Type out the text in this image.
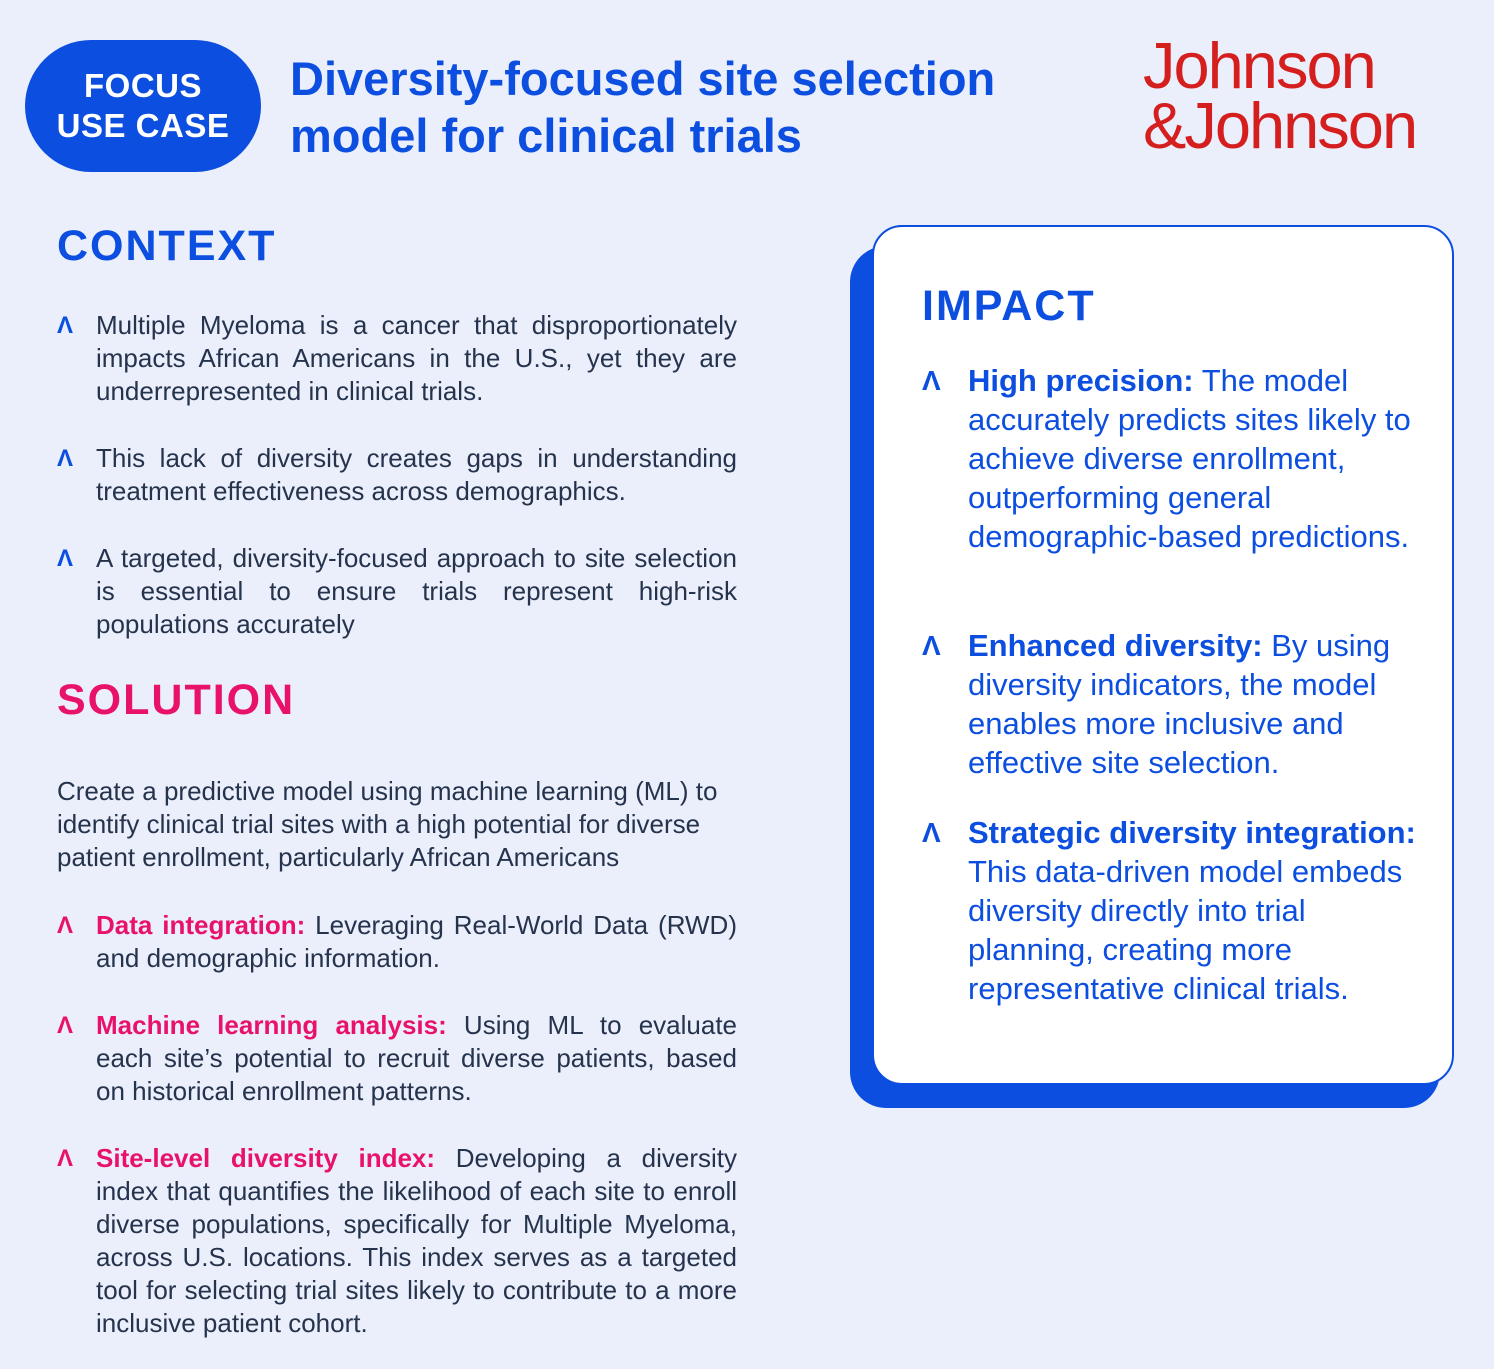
FOCUS
USE CASE
Diversity-focused site selection
model for clinical trials
Johnson
&Johnson
CONTEXT
Λ Multiple Myeloma is a cancer that disproportionately impacts African Americans in the U.S., yet they are underrepresented in clinical trials.
Λ This lack of diversity creates gaps in understanding treatment effectiveness across demographics.
Λ A targeted, diversity-focused approach to site selection is essential to ensure trials represent high-risk populations accurately
SOLUTION
Create a predictive model using machine learning (ML) to identify clinical trial sites with a high potential for diverse patient enrollment, particularly African Americans
Λ Data integration: Leveraging Real-World Data (RWD) and demographic information.
Λ Machine learning analysis: Using ML to evaluate each site’s potential to recruit diverse patients, based on historical enrollment patterns.
Λ Site-level diversity index: Developing a diversity index that quantifies the likelihood of each site to enroll diverse populations, specifically for Multiple Myeloma, across U.S. locations. This index serves as a targeted tool for selecting trial sites likely to contribute to a more inclusive patient cohort.
IMPACT
Λ High precision: The model accurately predicts sites likely to achieve diverse enrollment, outperforming general demographic-based predictions.
Λ Enhanced diversity: By using diversity indicators, the model enables more inclusive and effective site selection.
Λ Strategic diversity integration: This data-driven model embeds diversity directly into trial planning, creating more representative clinical trials.
